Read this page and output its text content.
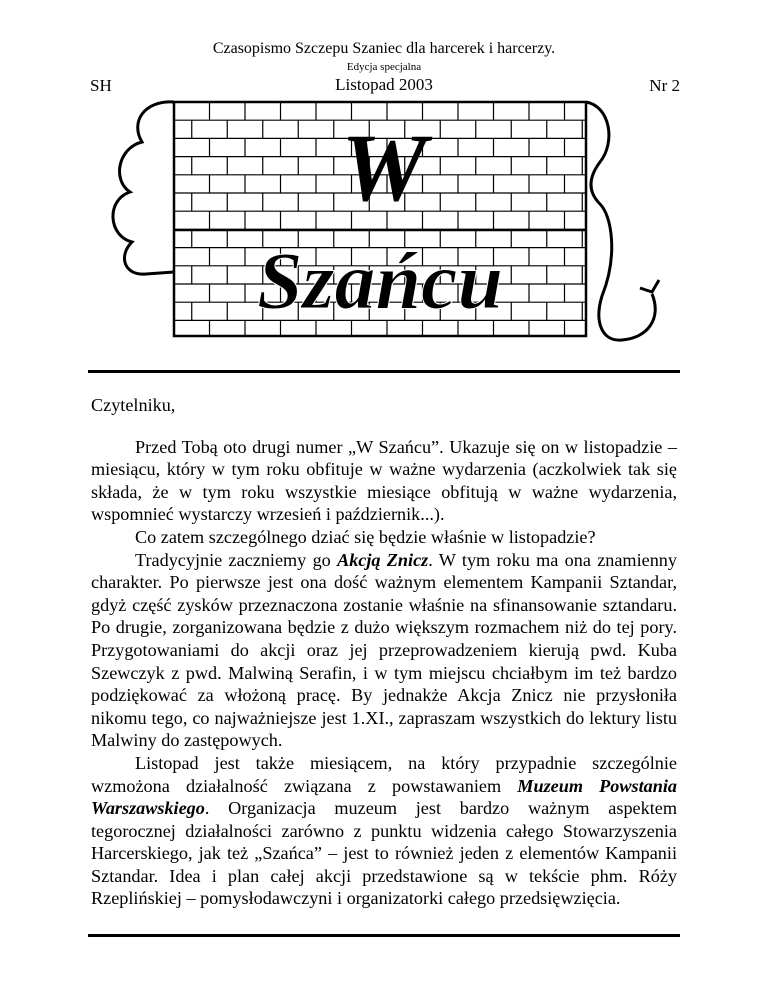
Czasopismo Szczepu Szaniec dla harcerek i harcerzy.
Edycja specjalna
Listopad 2003
SH	Nr 2
W
Szańcu

Czytelniku,

Przed Tobą oto drugi numer „W Szańcu”. Ukazuje się on w listopadzie – miesiącu, który w tym roku obfituje w ważne wydarzenia (aczkolwiek tak się składa, że w tym roku wszystkie miesiące obfitują w ważne wydarzenia, wspomnieć wystarczy wrzesień i październik...).

Co zatem szczególnego dziać się będzie właśnie w listopadzie?

Tradycyjnie zaczniemy go Akcją Znicz. W tym roku ma ona znamienny charakter. Po pierwsze jest ona dość ważnym elementem Kampanii Sztandar, gdyż część zysków przeznaczona zostanie właśnie na sfinansowanie sztandaru. Po drugie, zorganizowana będzie z dużo większym rozmachem niż do tej pory. Przygotowaniami do akcji oraz jej przeprowadzeniem kierują pwd. Kuba Szewczyk z pwd. Malwiną Serafin, i w tym miejscu chciałbym im też bardzo podziękować za włożoną pracę. By jednakże Akcja Znicz nie przysłoniła nikomu tego, co najważniejsze jest 1.XI., zapraszam wszystkich do lektury listu Malwiny do zastępowych.

Listopad jest także miesiącem, na który przypadnie szczególnie wzmożona działalność związana z powstawaniem Muzeum Powstania Warszawskiego. Organizacja muzeum jest bardzo ważnym aspektem tegorocznej działalności zarówno z punktu widzenia całego Stowarzyszenia Harcerskiego, jak też „Szańca” – jest to również jeden z elementów Kampanii Sztandar. Idea i plan całej akcji przedstawione są w tekście phm. Róży Rzeplińskiej – pomysłodawczyni i organizatorki całego przedsięwzięcia.
